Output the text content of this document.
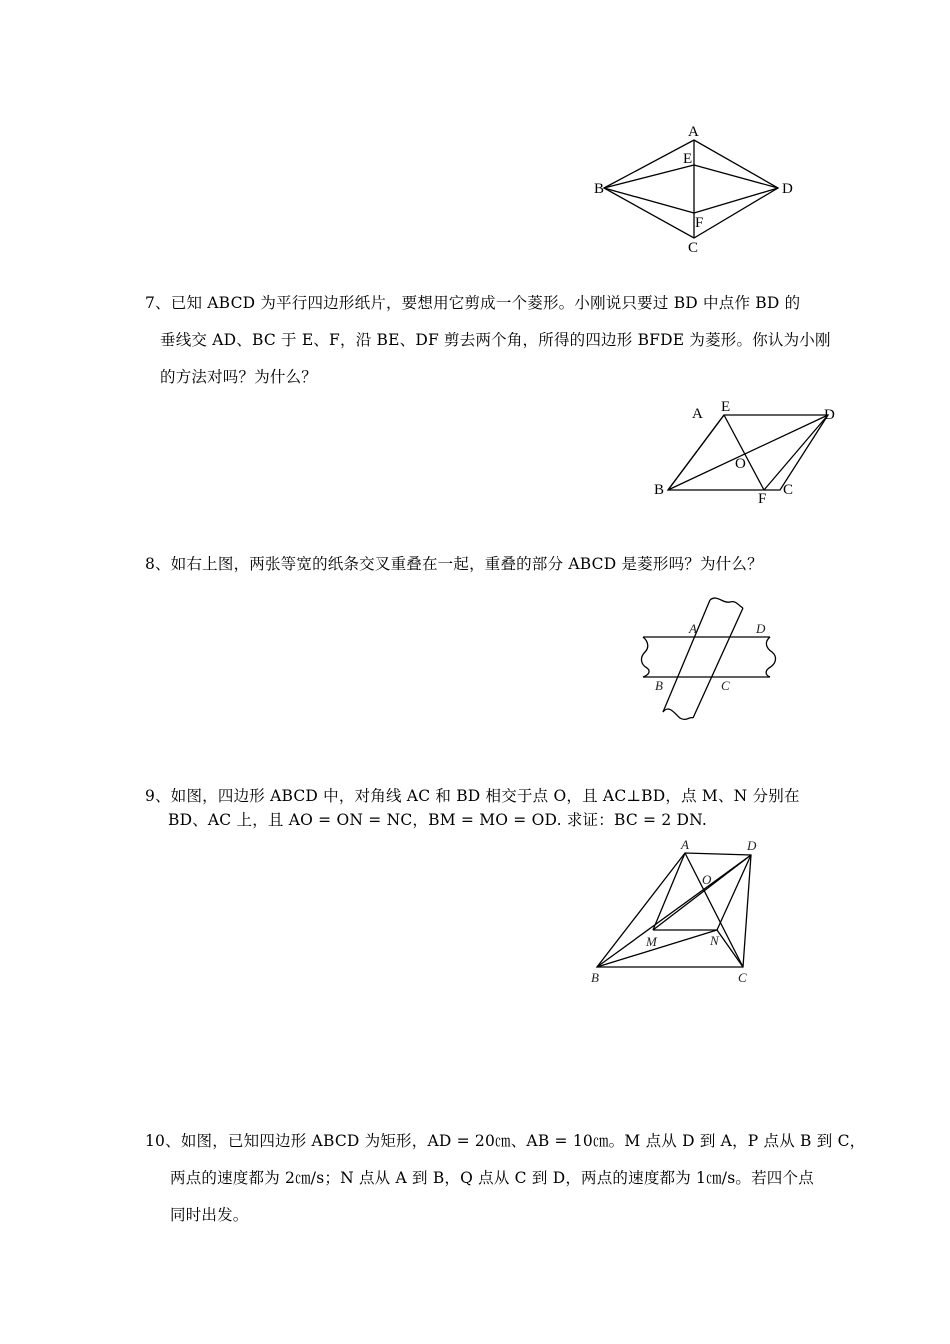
A
E
B	D
F
C
7、已知 ABCD 为平行四边形纸片，要想用它剪成一个菱形。小刚说只要过 BD 中点作 BD 的
垂线交 AD、BC 于 E、F，沿 BE、DF 剪去两个角，所得的四边形 BFDE 为菱形。你认为小刚
的方法对吗？为什么？
A E	D
O
B
F
C
8、如右上图，两张等宽的纸条交叉重叠在一起，重叠的部分 ABCD 是菱形吗？为什么？
A	D
B	C
9、如图，四边形 ABCD 中，对角线 AC 和 BD 相交于点 O，且 AC⊥BD，点 M、N 分别在
BD、AC 上，且 AO = ON = NC，BM = MO = OD. 求证：BC = 2 DN.
A	D
O
M	N
B	C
10、如图，已知四边形 ABCD 为矩形，AD = 20㎝、AB = 10㎝。M 点从 D 到 A，P 点从 B 到 C，
两点的速度都为 2㎝/s；N 点从 A 到 B，Q 点从 C 到 D，两点的速度都为 1㎝/s。若四个点
同时出发。
